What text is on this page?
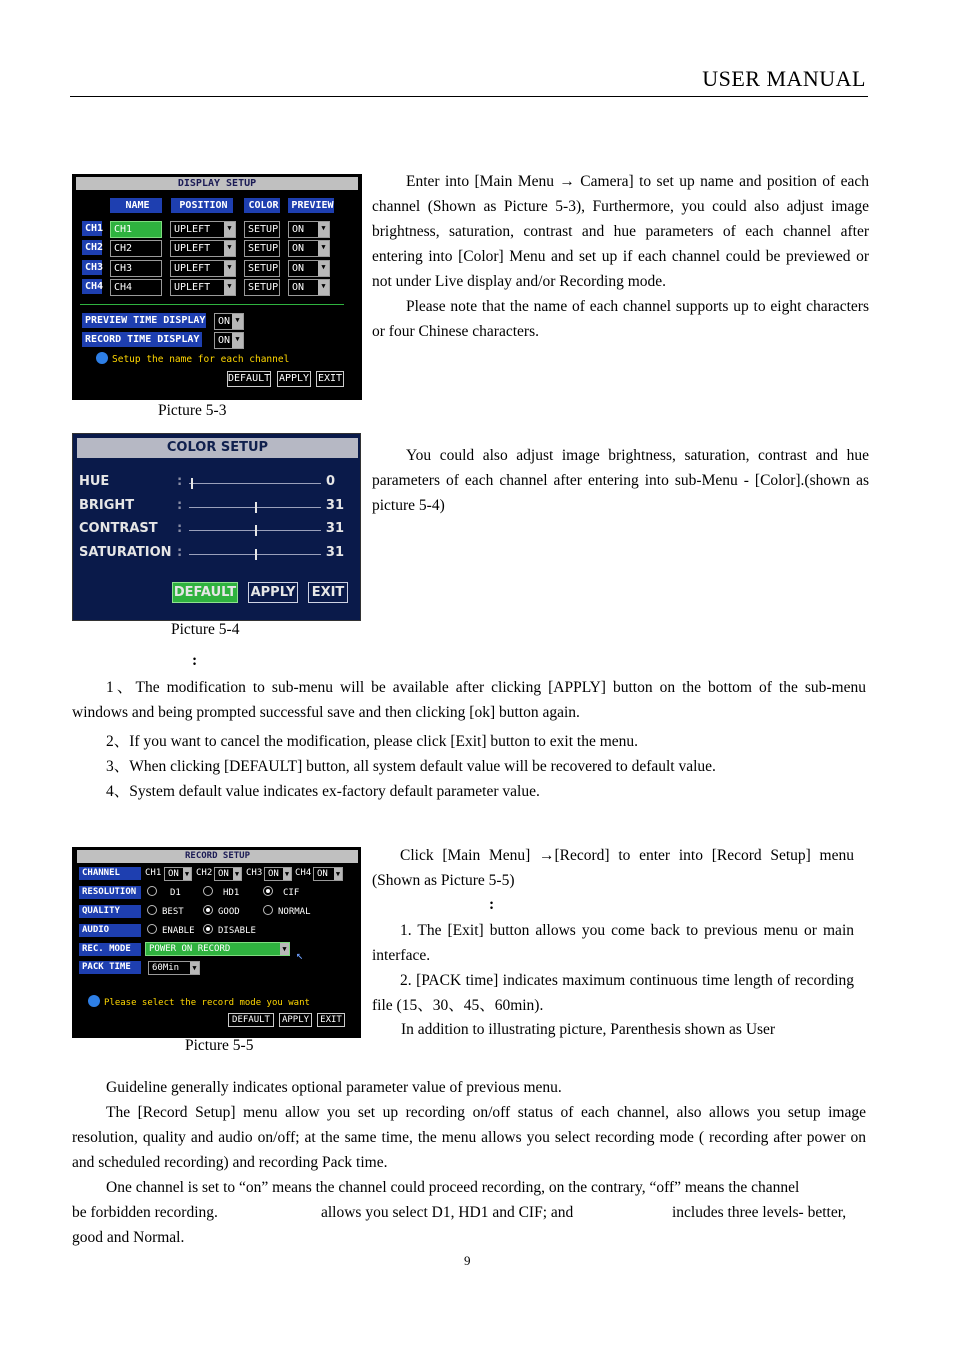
USER MANUAL
DISPLAY SETUP
NAME	POSITION	COLOR	PREVIEW
CH1	CH1	UPLEFT	▼	SETUP	ON	▼
CH2	CH2	UPLEFT	▼	SETUP	ON	▼
CH3	CH3	UPLEFT	▼	SETUP	ON	▼
CH4	CH4	UPLEFT	▼	SETUP	ON	▼
PREVIEW TIME DISPLAY	ON ▼
RECORD TIME DISPLAY	ON ▼
Setup the name for each channel
DEFAULT APPLY EXIT
Picture 5-3
Enter into [Main Menu → Camera] to set up name and position of each channel (Shown as Picture 5-3), Furthermore, you could also adjust image brightness, saturation, contrast and hue parameters of each channel after entering into [Color] Menu and set up if each channel could be previewed or not under Live display and/or Recording mode.
Please note that the name of each channel supports up to eight characters or four Chinese characters.
COLOR SETUP
HUE	:	0
BRIGHT	:	31
CONTRAST :	31
SATURATION :	31
DEFAULT APPLY EXIT
Picture 5-4
You could also adjust image brightness, saturation, contrast and hue parameters of each channel after entering into sub-Menu - [Color].(shown as picture 5-4)
:
1、The modification to sub-menu will be available after clicking [APPLY] button on the bottom of the sub-menu windows and being prompted successful save and then clicking [ok] button again.
2、If you want to cancel the modification, please click [Exit] button to exit the menu.
3、When clicking [DEFAULT] button, all system default value will be recovered to default value.
4、System default value indicates ex-factory default parameter value.
RECORD SETUP
CHANNEL	CH1 ON ▼ CH2 ON ▼ CH3 ON ▼ CH4 ON ▼
RESOLUTION	D1	HD1	CIF
QUALITY	BEST	GOOD	NORMAL
AUDIO	ENABLE	DISABLE
REC. MODE	POWER ON RECORD	▼ ↖
PACK TIME	60Min	▼
Please select the record mode you want
DEFAULT	APPLY	EXIT
Picture 5-5
Click [Main Menu] →[Record] to enter into [Record Setup] menu (Shown as Picture 5-5)
:
1. The [Exit] button allows you come back to previous menu or main interface.
2. [PACK time] indicates maximum continuous time length of recording file (15、30、45、60min).
In addition to illustrating picture, Parenthesis shown as User
Guideline generally indicates optional parameter value of previous menu.
The [Record Setup] menu allow you set up recording on/off status of each channel, also allows you setup image resolution, quality and audio on/off; at the same time, the menu allows you select recording mode ( recording after power on and scheduled recording) and recording Pack time.
One channel is set to “on” means the channel could proceed recording, on the contrary, “off” means the channel
be forbidden recording.	allows you select D1, HD1 and CIF; and	includes three levels- better,
good and Normal.
9
